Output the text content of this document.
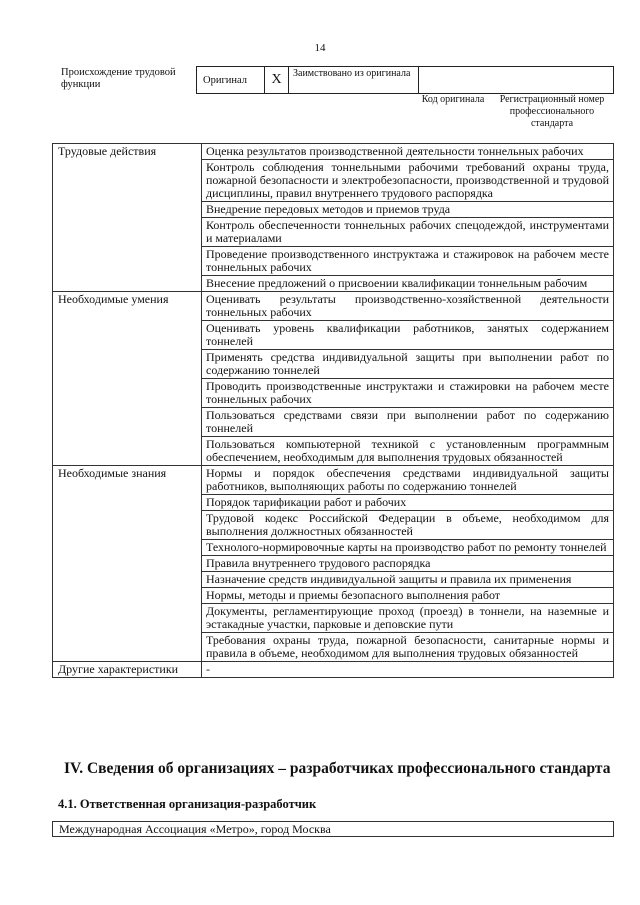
14
Происхождение трудовой функции	Оригинал	X	Заимствовано из оригинала
Код оригинала	Регистрационный номер профессионального стандарта
Трудовые действия	Оценка результатов производственной деятельности тоннельных рабочих
	Контроль соблюдения тоннельными рабочими требований охраны труда, пожарной безопасности и электробезопасности, производственной и трудовой дисциплины, правил внутреннего трудового распорядка
	Внедрение передовых методов и приемов труда
	Контроль обеспеченности тоннельных рабочих спецодеждой, инструментами и материалами
	Проведение производственного инструктажа и стажировок на рабочем месте тоннельных рабочих
	Внесение предложений о присвоении квалификации тоннельным рабочим
Необходимые умения	Оценивать результаты производственно-хозяйственной деятельности тоннельных рабочих
	Оценивать уровень квалификации работников, занятых содержанием тоннелей
	Применять средства индивидуальной защиты при выполнении работ по содержанию тоннелей
	Проводить производственные инструктажи и стажировки на рабочем месте тоннельных рабочих
	Пользоваться средствами связи при выполнении работ по содержанию тоннелей
	Пользоваться компьютерной техникой с установленным программным обеспечением, необходимым для выполнения трудовых обязанностей
Необходимые знания	Нормы и порядок обеспечения средствами индивидуальной защиты работников, выполняющих работы по содержанию тоннелей
	Порядок тарификации работ и рабочих
	Трудовой кодекс Российской Федерации в объеме, необходимом для выполнения должностных обязанностей
	Технолого-нормировочные карты на производство работ по ремонту тоннелей
	Правила внутреннего трудового распорядка
	Назначение средств индивидуальной защиты и правила их применения
	Нормы, методы и приемы безопасного выполнения работ
	Документы, регламентирующие проход (проезд) в тоннели, на наземные и эстакадные участки, парковые и деповские пути
	Требования охраны труда, пожарной безопасности, санитарные нормы и правила в объеме, необходимом для выполнения трудовых обязанностей
Другие характеристики	-
IV. Сведения об организациях – разработчиках профессионального стандарта
4.1. Ответственная организация-разработчик
Международная Ассоциация «Метро», город Москва
